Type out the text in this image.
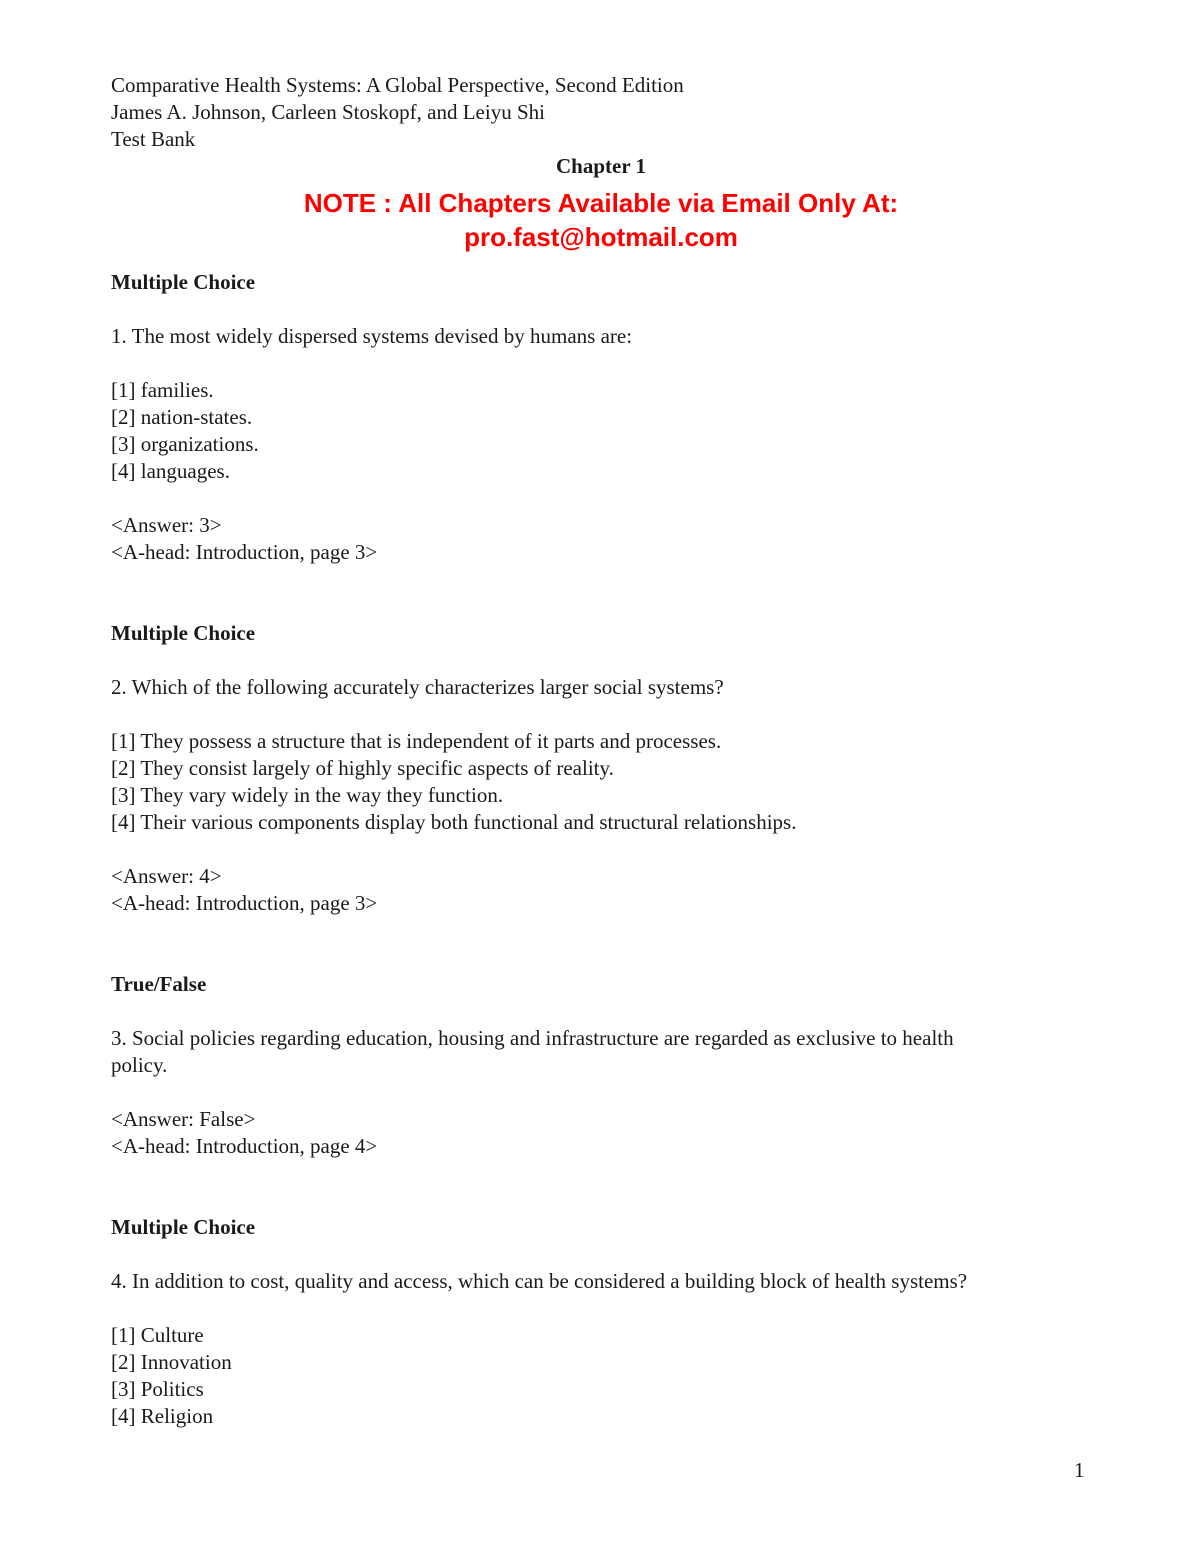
Comparative Health Systems: A Global Perspective, Second Edition
James A. Johnson, Carleen Stoskopf, and Leiyu Shi
Test Bank
Chapter 1
NOTE : All Chapters Available via Email Only At:
pro.fast@hotmail.com
Multiple Choice
1. The most widely dispersed systems devised by humans are:
[1] families.
[2] nation-states.
[3] organizations.
[4] languages.
<Answer: 3>
<A-head: Introduction, page 3>
Multiple Choice
2. Which of the following accurately characterizes larger social systems?
[1] They possess a structure that is independent of it parts and processes.
[2] They consist largely of highly specific aspects of reality.
[3] They vary widely in the way they function.
[4] Their various components display both functional and structural relationships.
<Answer: 4>
<A-head: Introduction, page 3>
True/False
3. Social policies regarding education, housing and infrastructure are regarded as exclusive to health
policy.
<Answer: False>
<A-head: Introduction, page 4>
Multiple Choice
4. In addition to cost, quality and access, which can be considered a building block of health systems?
[1] Culture
[2] Innovation
[3] Politics
[4] Religion
1
